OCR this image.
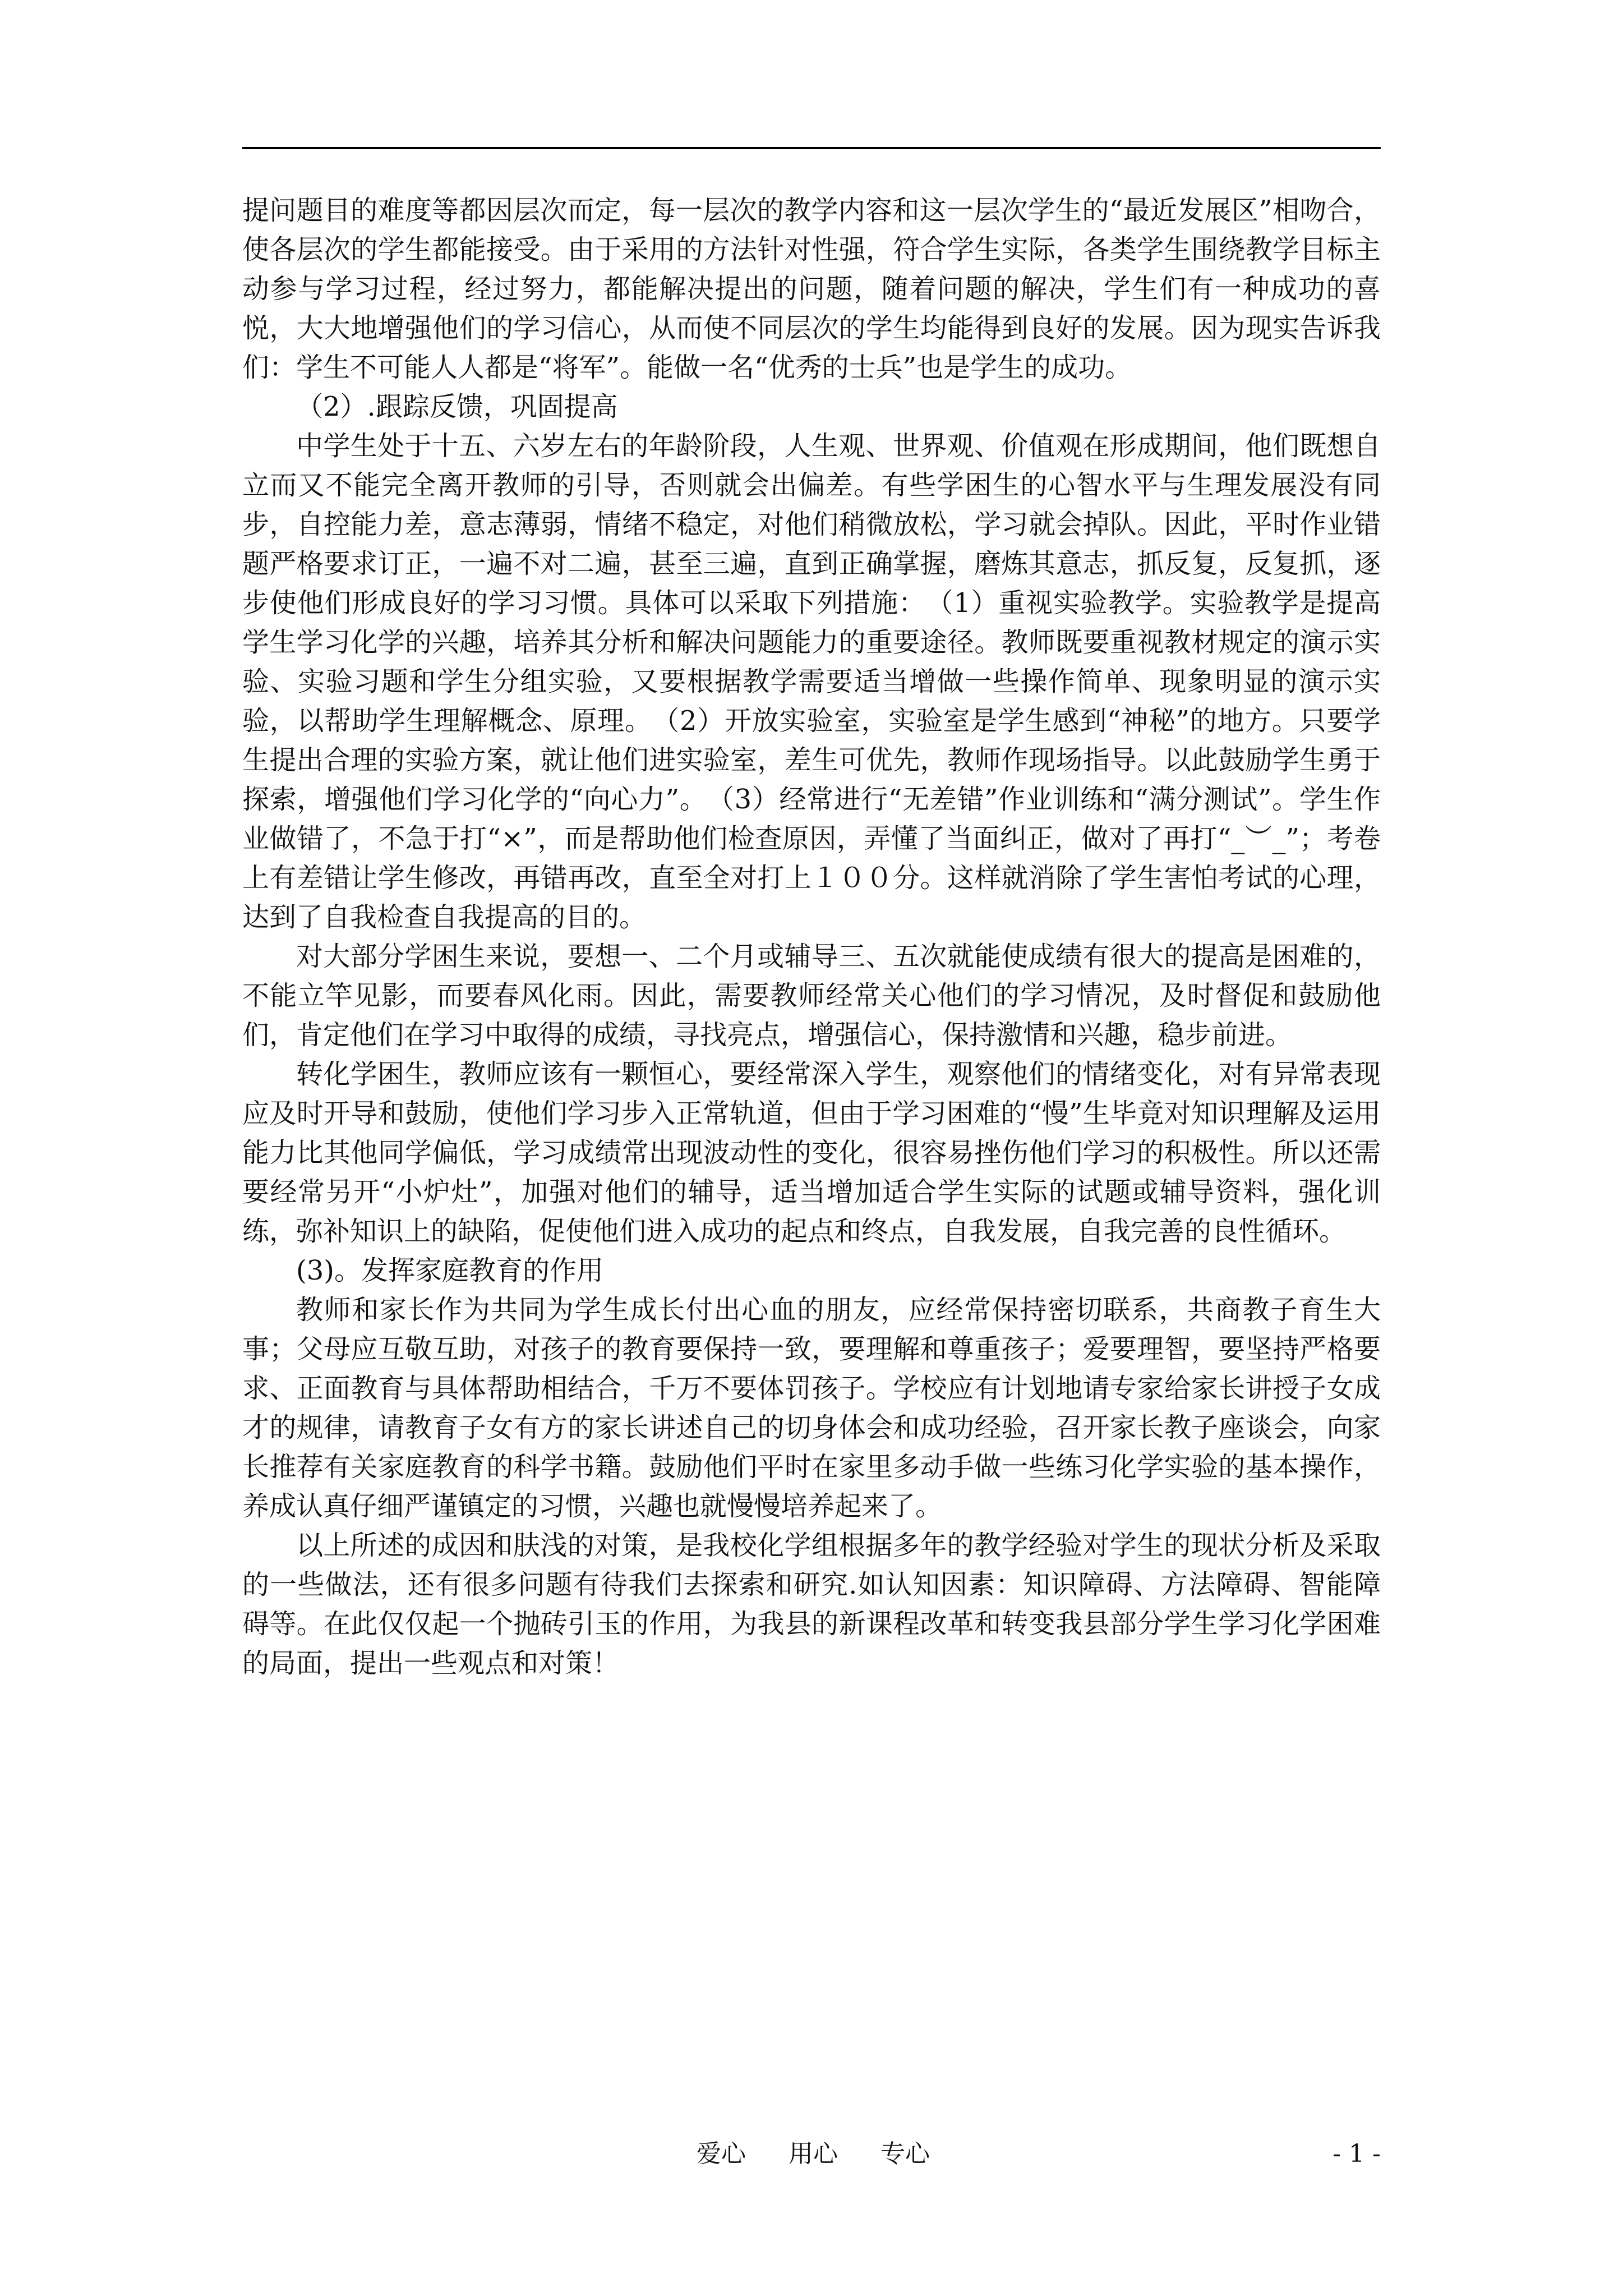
提问题目的难度等都因层次而定，每一层次的教学内容和这一层次学生的“最近发展区”相吻合，使各层次的学生都能接受。由于采用的方法针对性强，符合学生实际，各类学生围绕教学目标主动参与学习过程，经过努力，都能解决提出的问题，随着问题的解决，学生们有一种成功的喜悦，大大地增强他们的学习信心，从而使不同层次的学生均能得到良好的发展。因为现实告诉我们：学生不可能人人都是“将军”。能做一名“优秀的士兵”也是学生的成功。

（2）.跟踪反馈，巩固提高

中学生处于十五、六岁左右的年龄阶段，人生观、世界观、价值观在形成期间，他们既想自立而又不能完全离开教师的引导，否则就会出偏差。有些学困生的心智水平与生理发展没有同步，自控能力差，意志薄弱，情绪不稳定，对他们稍微放松，学习就会掉队。因此，平时作业错题严格要求订正，一遍不对二遍，甚至三遍，直到正确掌握，磨炼其意志，抓反复，反复抓，逐步使他们形成良好的学习习惯。具体可以采取下列措施：　（1）重视实验教学。实验教学是提高学生学习化学的兴趣，培养其分析和解决问题能力的重要途径。教师既要重视教材规定的演示实验、实验习题和学生分组实验，又要根据教学需要适当增做一些操作简单、现象明显的演示实验，以帮助学生理解概念、原理。　（2）开放实验室，实验室是学生感到“神秘”的地方。只要学生提出合理的实验方案，就让他们进实验室，差生可优先，教师作现场指导。以此鼓励学生勇于探索，增强他们学习化学的“向心力”。　（3）经常进行“无差错”作业训练和“满分测试”。学生作业做错了，不急于打“×”，而是帮助他们检查原因，弄懂了当面纠正，做对了再打“_︶_”；考卷上有差错让学生修改，再错再改，直至全对打上１００分。这样就消除了学生害怕考试的心理，达到了自我检查自我提高的目的。

对大部分学困生来说，要想一、二个月或辅导三、五次就能使成绩有很大的提高是困难的，不能立竿见影，而要春风化雨。因此，需要教师经常关心他们的学习情况，及时督促和鼓励他们，肯定他们在学习中取得的成绩，寻找亮点，增强信心，保持激情和兴趣，稳步前进。

转化学困生，教师应该有一颗恒心，要经常深入学生，观察他们的情绪变化，对有异常表现应及时开导和鼓励，使他们学习步入正常轨道，但由于学习困难的“慢”生毕竟对知识理解及运用能力比其他同学偏低，学习成绩常出现波动性的变化，很容易挫伤他们学习的积极性。所以还需要经常另开“小炉灶”，加强对他们的辅导，适当增加适合学生实际的试题或辅导资料，强化训练，弥补知识上的缺陷，促使他们进入成功的起点和终点，自我发展，自我完善的良性循环。

(3)。发挥家庭教育的作用

教师和家长作为共同为学生成长付出心血的朋友，应经常保持密切联系，共商教子育生大事；父母应互敬互助，对孩子的教育要保持一致，要理解和尊重孩子；爱要理智，要坚持严格要求、正面教育与具体帮助相结合，千万不要体罚孩子。学校应有计划地请专家给家长讲授子女成才的规律，请教育子女有方的家长讲述自己的切身体会和成功经验，召开家长教子座谈会，向家长推荐有关家庭教育的科学书籍。鼓励他们平时在家里多动手做一些练习化学实验的基本操作，养成认真仔细严谨镇定的习惯，兴趣也就慢慢培养起来了。

以上所述的成因和肤浅的对策，是我校化学组根据多年的教学经验对学生的现状分析及采取的一些做法，还有很多问题有待我们去探索和研究.如认知因素：知识障碍、方法障碍、智能障碍等。在此仅仅起一个抛砖引玉的作用，为我县的新课程改革和转变我县部分学生学习化学困难的局面，提出一些观点和对策！

爱心 用心 专心	- 1 -
